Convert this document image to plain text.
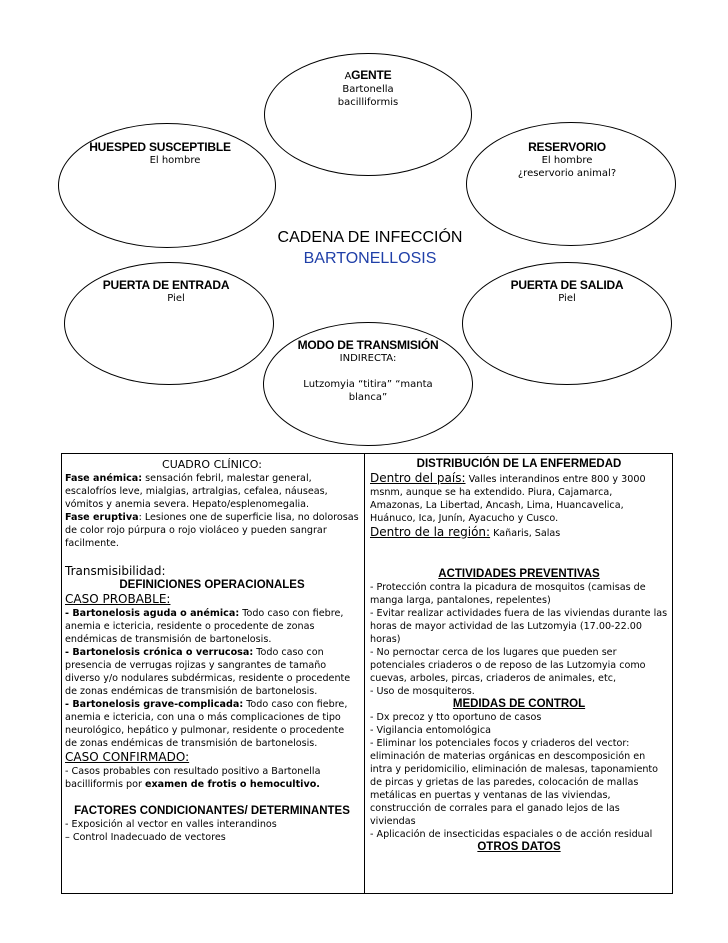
AGENTE
Bartonella
bacilliformis
HUESPED SUSCEPTIBLE
El hombre
RESERVORIO
El hombre
¿reservorio animal?
CADENA DE INFECCIÓN
BARTONELLOSIS
PUERTA DE ENTRADA
Piel
PUERTA DE SALIDA
Piel
MODO DE TRANSMISIÓN
INDIRECTA:
Lutzomyia “titira” “manta
blanca”

CUADRO CLÍNICO:

Fase anémica: sensación febril, malestar general, escalofríos leve, mialgias, artralgias, cefalea, náuseas, vómitos y anemia severa. Hepato/esplenomegalia.

Fase eruptiva: Lesiones one de superficie lisa, no dolorosas de color rojo púrpura o rojo violáceo y pueden sangrar facilmente.

Transmisibilidad:

DEFINICIONES OPERACIONALES

CASO PROBABLE:

- Bartonelosis aguda o anémica: Todo caso con fiebre, anemia e ictericia, residente o procedente de zonas endémicas de transmisión de bartonelosis.

- Bartonelosis crónica o verrucosa: Todo caso con presencia de verrugas rojizas y sangrantes de tamaño diverso y/o nodulares subdérmicas, residente o procedente de zonas endémicas de transmisión de bartonelosis.

- Bartonelosis grave-complicada: Todo caso con fiebre, anemia e ictericia, con una o más complicaciones de tipo neurológico, hepático y pulmonar, residente o procedente de zonas endémicas de transmisión de bartonelosis.

CASO CONFIRMADO:

- Casos probables con resultado positivo a Bartonella bacilliformis por examen de frotis o hemocultivo.

FACTORES CONDICIONANTES/ DETERMINANTES

- Exposición al vector en valles interandinos

– Control Inadecuado de vectores

DISTRIBUCIÓN DE LA ENFERMEDAD

Dentro del país: Valles interandinos entre 800 y 3000 msnm, aunque se ha extendido. Piura, Cajamarca, Amazonas, La Libertad, Ancash, Lima, Huancavelica, Huánuco, Ica, Junín, Ayacucho y Cusco.

Dentro de la región: Kañaris, Salas

ACTIVIDADES PREVENTIVAS

- Protección contra la picadura de mosquitos (camisas de manga larga, pantalones, repelentes)

- Evitar realizar actividades fuera de las viviendas durante las horas de mayor actividad de las Lutzomyia (17.00-22.00 horas)

- No pernoctar cerca de los lugares que pueden ser potenciales criaderos o de reposo de las Lutzomyia como cuevas, arboles, pircas, criaderos de animales, etc,

- Uso de mosquiteros.

MEDIDAS DE CONTROL

- Dx precoz y tto oportuno de casos

- Vigilancia entomológica

- Eliminar los potenciales focos y criaderos del vector: eliminación de materias orgánicas en descomposición en intra y peridomicilio, eliminación de malesas, taponamiento de pircas y grietas de las paredes, colocación de mallas metálicas en puertas y ventanas de las viviendas, construcción de corrales para el ganado lejos de las viviendas

- Aplicación de insecticidas espaciales o de acción residual

OTROS DATOS
